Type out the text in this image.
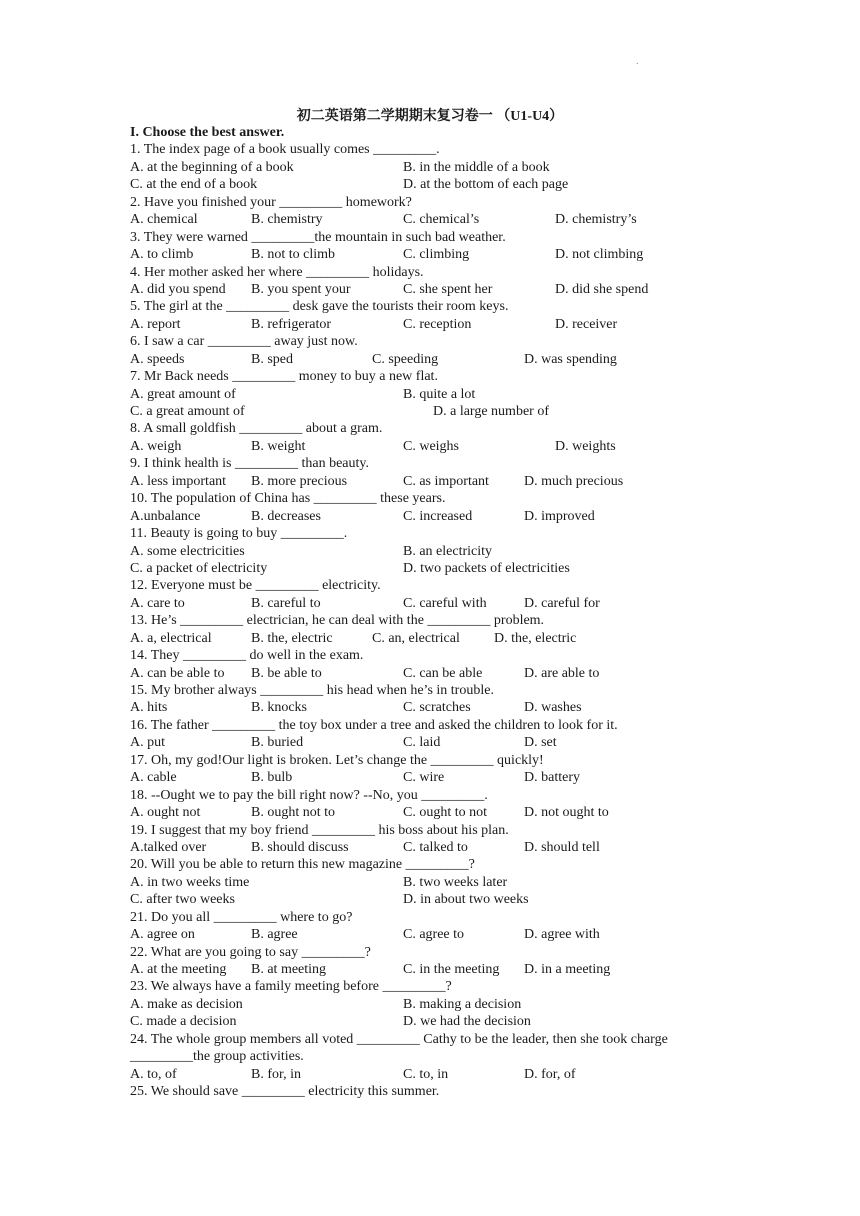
.
初二英语第二学期期末复习卷一 （U1-U4）
I. Choose the best answer.
1. The index page of a book usually comes _________.
A. at the beginning of a book	B. in the middle of a book
C. at the end of a book	D. at the bottom of each page
2. Have you finished your _________ homework?
A. chemical	B. chemistry	C. chemical’s	D. chemistry’s
3. They were warned _________the mountain in such bad weather.
A. to climb	B. not to climb	C. climbing	D. not climbing
4. Her mother asked her where _________ holidays.
A. did you spend B. you spent your	C. she spent her	D. did she spend
5. The girl at the _________ desk gave the tourists their room keys.
A. report	B. refrigerator	C. reception	D. receiver
6. I saw a car _________ away just now.
A. speeds	B. sped	C. speeding	D. was spending
7. Mr Back needs _________ money to buy a new flat.
A. great amount of	B. quite a lot
C. a great amount of	D. a large number of
8. A small goldfish _________ about a gram.
A. weigh	B. weight	C. weighs	D. weights
9. I think health is _________ than beauty.
A. less important B. more precious	C. as important	D. much precious
10. The population of China has _________ these years.
A.unbalance	B. decreases	C. increased	D. improved
11. Beauty is going to buy _________.
A. some electricities	B. an electricity
C. a packet of electricity	D. two packets of electricities
12. Everyone must be _________ electricity.
A. care to	B. careful to	C. careful with	D. careful for
13. He’s _________ electrician, he can deal with the _________ problem.
A. a, electrical	B. the, electric	C. an, electrical D. the, electric
14. They _________ do well in the exam.
A. can be able to B. be able to	C. can be able	D. are able to
15. My brother always _________ his head when he’s in trouble.
A. hits	B. knocks	C. scratches	D. washes
16. The father _________ the toy box under a tree and asked the children to look for it.
A. put	B. buried	C. laid	D. set
17. Oh, my god!Our light is broken. Let’s change the _________ quickly!
A. cable	B. bulb	C. wire	D. battery
18. --Ought we to pay the bill right now? --No, you _________.
A. ought not	B. ought not to	C. ought to not	D. not ought to
19. I suggest that my boy friend _________ his boss about his plan.
A.talked over	B. should discuss	C. talked to	D. should tell
20. Will you be able to return this new magazine _________?
A. in two weeks time	B. two weeks later
C. after two weeks	D. in about two weeks
21. Do you all _________ where to go?
A. agree on	B. agree	C. agree to	D. agree with
22. What are you going to say _________?
A. at the meeting B. at meeting	C. in the meeting D. in a meeting
23. We always have a family meeting before _________?
A. make as decision	B. making a decision
C. made a decision	D. we had the decision
24. The whole group members all voted _________ Cathy to be the leader, then she took charge
_________the group activities.
A. to, of	B. for, in	C. to, in	D. for, of
25. We should save _________ electricity this summer.
